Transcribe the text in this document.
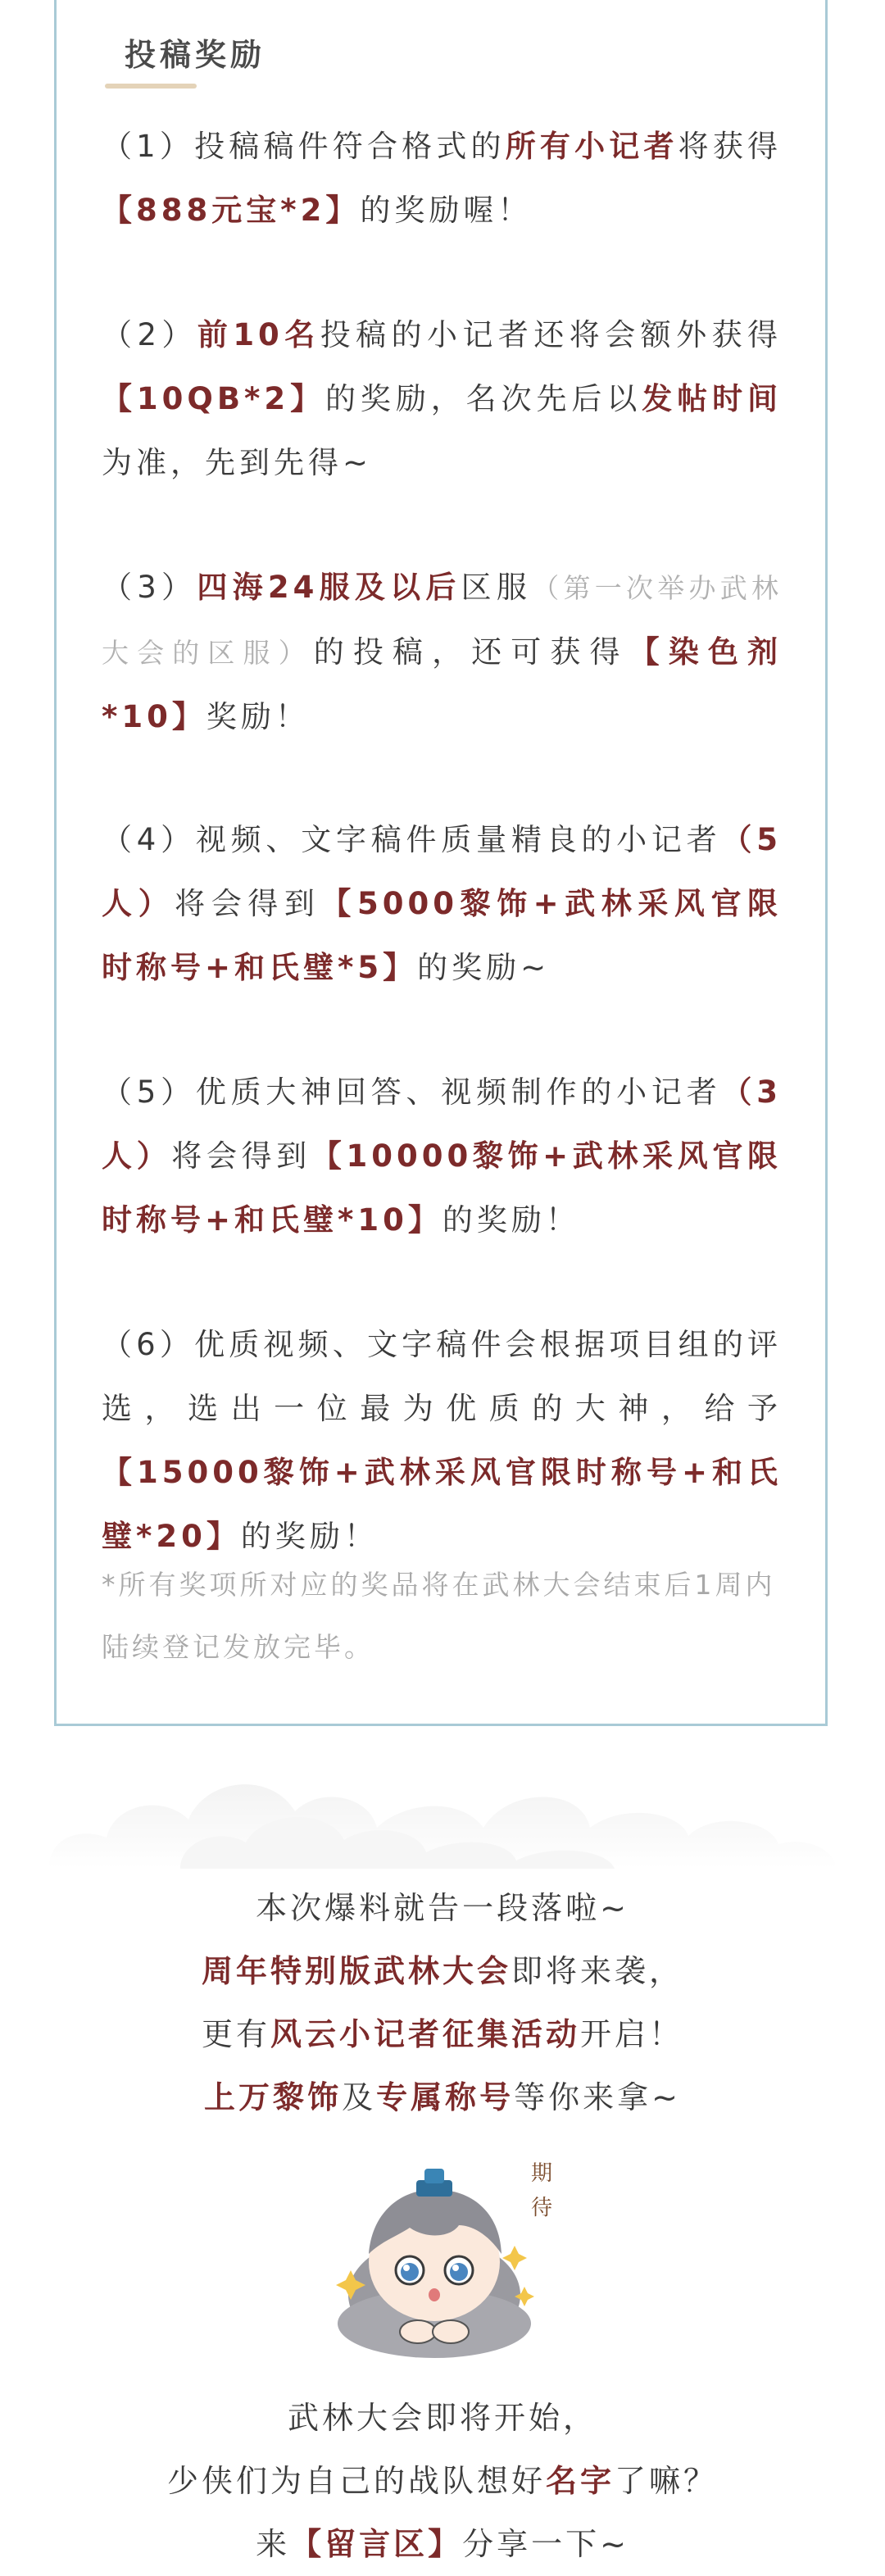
投稿奖励
（1）投稿稿件符合格式的所有小记者将获得【888元宝*2】的奖励喔！
（2）前10名投稿的小记者还将会额外获得【10QB*2】的奖励，名次先后以发帖时间为准，先到先得~
（3）四海24服及以后区服（第一次举办武林大会的区服）的投稿，还可获得【染色剂*10】奖励！
（4）视频、文字稿件质量精良的小记者（5人）将会得到【5000黎饰+武林采风官限时称号+和氏璧*5】的奖励~
（5）优质大神回答、视频制作的小记者（3人）将会得到【10000黎饰+武林采风官限时称号+和氏璧*10】的奖励！
（6）优质视频、文字稿件会根据项目组的评选，选出一位最为优质的大神，给予【15000黎饰+武林采风官限时称号+和氏璧*20】的奖励！
*所有奖项所对应的奖品将在武林大会结束后1周内陆续登记发放完毕。
本次爆料就告一段落啦~
周年特别版武林大会即将来袭，
更有风云小记者征集活动开启！
上万黎饰及专属称号等你来拿~
期
待
武林大会即将开始，
少侠们为自己的战队想好名字了嘛？
来【留言区】分享一下~
